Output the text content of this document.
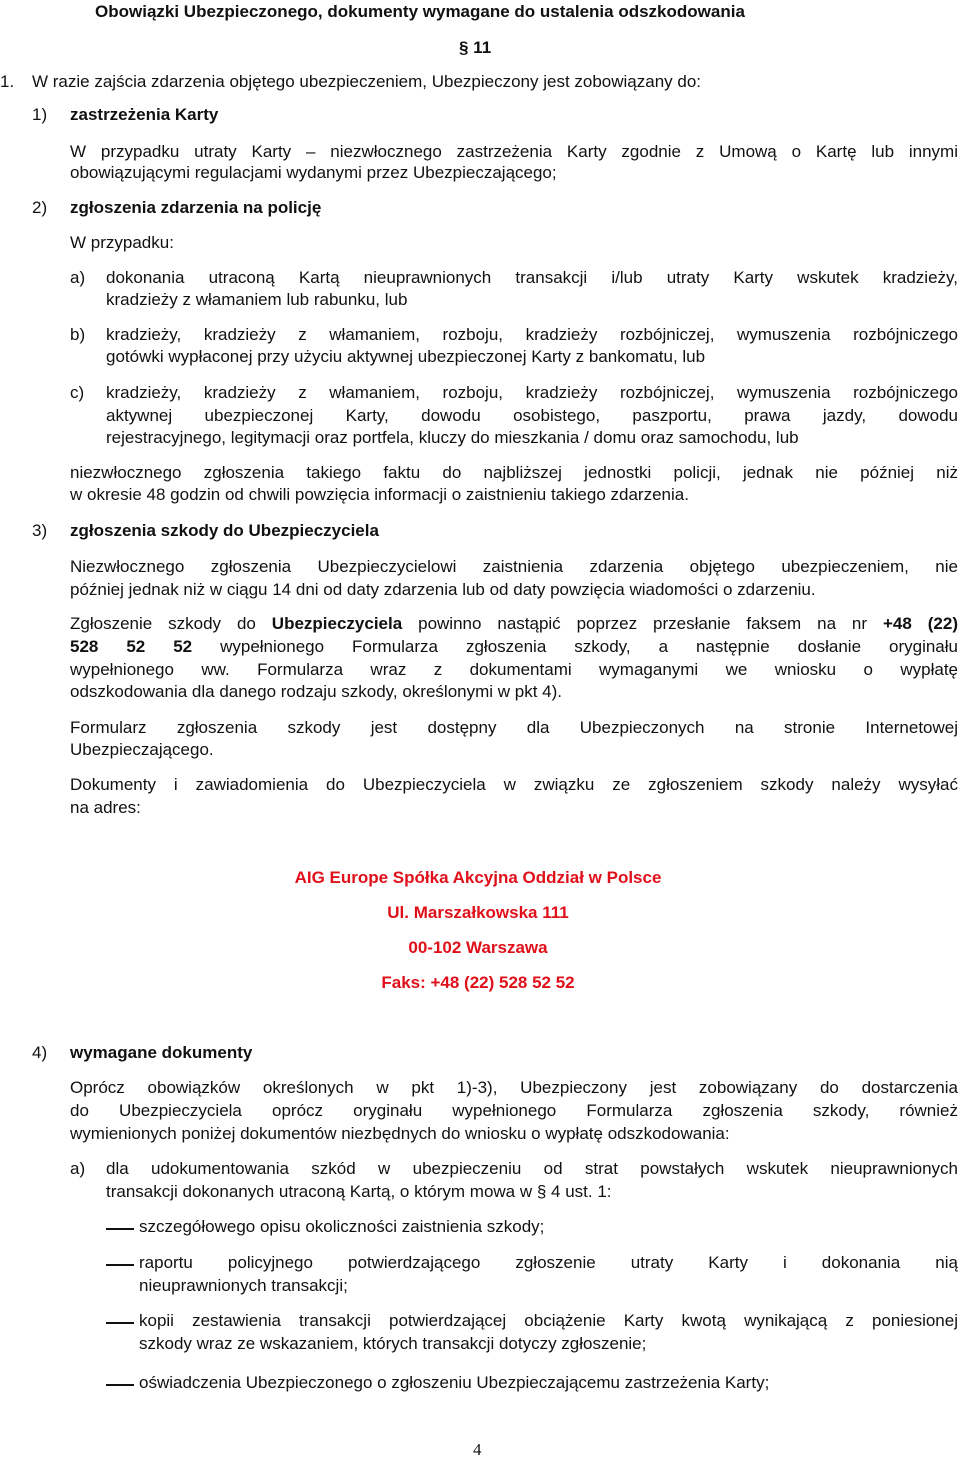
Obowiązki Ubezpieczonego, dokumenty wymagane do ustalenia odszkodowania
§ 11
1. W razie zajścia zdarzenia objętego ubezpieczeniem, Ubezpieczony jest zobowiązany do:
1) zastrzeżenia Karty
W przypadku utraty Karty – niezwłocznego zastrzeżenia Karty zgodnie z Umową o Kartę lub innymi
obowiązującymi regulacjami wydanymi przez Ubezpieczającego;
2) zgłoszenia zdarzenia na policję
W przypadku:
a) dokonania utraconą Kartą nieuprawnionych transakcji i/lub utraty Karty wskutek kradzieży,
kradzieży z włamaniem lub rabunku, lub
b) kradzieży, kradzieży z włamaniem, rozboju, kradzieży rozbójniczej, wymuszenia rozbójniczego
gotówki wypłaconej przy użyciu aktywnej ubezpieczonej Karty z bankomatu, lub
c) kradzieży, kradzieży z włamaniem, rozboju, kradzieży rozbójniczej, wymuszenia rozbójniczego
aktywnej ubezpieczonej Karty, dowodu osobistego, paszportu, prawa jazdy, dowodu
rejestracyjnego, legitymacji oraz portfela, kluczy do mieszkania / domu oraz samochodu, lub
niezwłocznego zgłoszenia takiego faktu do najbliższej jednostki policji, jednak nie później niż
w okresie 48 godzin od chwili powzięcia informacji o zaistnieniu takiego zdarzenia.
3) zgłoszenia szkody do Ubezpieczyciela
Niezwłocznego zgłoszenia Ubezpieczycielowi zaistnienia zdarzenia objętego ubezpieczeniem, nie
później jednak niż w ciągu 14 dni od daty zdarzenia lub od daty powzięcia wiadomości o zdarzeniu.
Zgłoszenie szkody do Ubezpieczyciela powinno nastąpić poprzez przesłanie faksem na nr +48 (22)
528 52 52 wypełnionego Formularza zgłoszenia szkody, a następnie dosłanie oryginału
wypełnionego ww. Formularza wraz z dokumentami wymaganymi we wniosku o wypłatę
odszkodowania dla danego rodzaju szkody, określonymi w pkt 4).
Formularz zgłoszenia szkody jest dostępny dla Ubezpieczonych na stronie Internetowej
Ubezpieczającego.
Dokumenty i zawiadomienia do Ubezpieczyciela w związku ze zgłoszeniem szkody należy wysyłać
na adres:
AIG Europe Spółka Akcyjna Oddział w Polsce
Ul. Marszałkowska 111
00-102 Warszawa
Faks: +48 (22) 528 52 52
4) wymagane dokumenty
Oprócz obowiązków określonych w pkt 1)-3), Ubezpieczony jest zobowiązany do dostarczenia
do Ubezpieczyciela oprócz oryginału wypełnionego Formularza zgłoszenia szkody, również
wymienionych poniżej dokumentów niezbędnych do wniosku o wypłatę odszkodowania:
a) dla udokumentowania szkód w ubezpieczeniu od strat powstałych wskutek nieuprawnionych
transakcji dokonanych utraconą Kartą, o którym mowa w § 4 ust. 1:
szczegółowego opisu okoliczności zaistnienia szkody;
raportu policyjnego potwierdzającego zgłoszenie utraty Karty i dokonania nią
nieuprawnionych transakcji;
kopii zestawienia transakcji potwierdzającej obciążenie Karty kwotą wynikającą z poniesionej
szkody wraz ze wskazaniem, których transakcji dotyczy zgłoszenie;
oświadczenia Ubezpieczonego o zgłoszeniu Ubezpieczającemu zastrzeżenia Karty;
4
